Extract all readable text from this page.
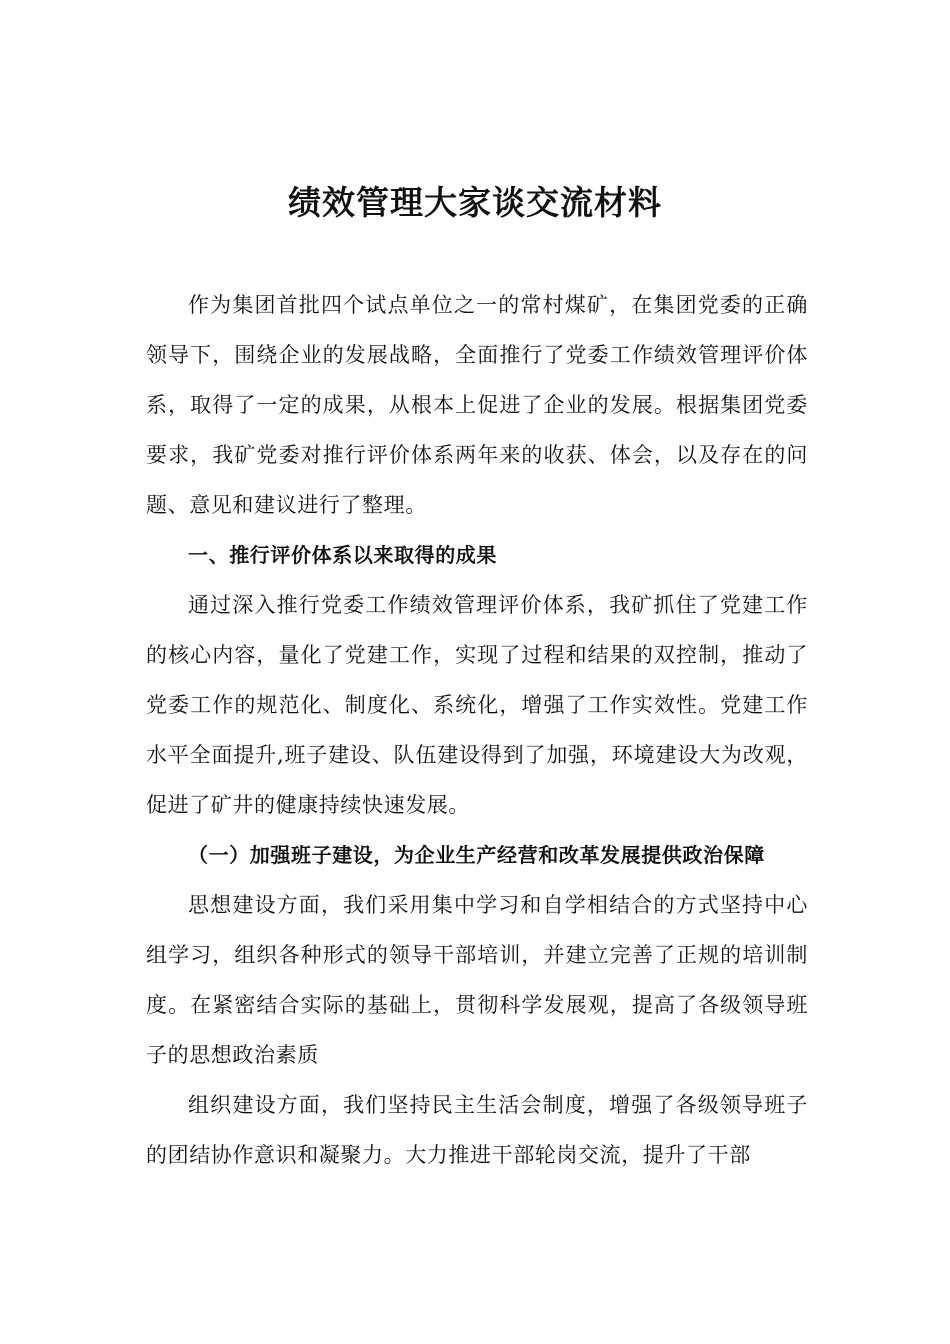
绩效管理大家谈交流材料

作为集团首批四个试点单位之一的常村煤矿，在集团党委的正确领导下，围绕企业的发展战略，全面推行了党委工作绩效管理评价体系，取得了一定的成果，从根本上促进了企业的发展。根据集团党委要求，我矿党委对推行评价体系两年来的收获、体会，以及存在的问题、意见和建议进行了整理。

一、推行评价体系以来取得的成果

通过深入推行党委工作绩效管理评价体系，我矿抓住了党建工作的核心内容，量化了党建工作，实现了过程和结果的双控制，推动了党委工作的规范化、制度化、系统化，增强了工作实效性。党建工作水平全面提升,班子建设、队伍建设得到了加强，环境建设大为改观，促进了矿井的健康持续快速发展。

（一）加强班子建设，为企业生产经营和改革发展提供政治保障

思想建设方面，我们采用集中学习和自学相结合的方式坚持中心组学习，组织各种形式的领导干部培训，并建立完善了正规的培训制度。在紧密结合实际的基础上，贯彻科学发展观，提高了各级领导班子的思想政治素质

组织建设方面，我们坚持民主生活会制度，增强了各级领导班子的团结协作意识和凝聚力。大力推进干部轮岗交流，提升了干部
